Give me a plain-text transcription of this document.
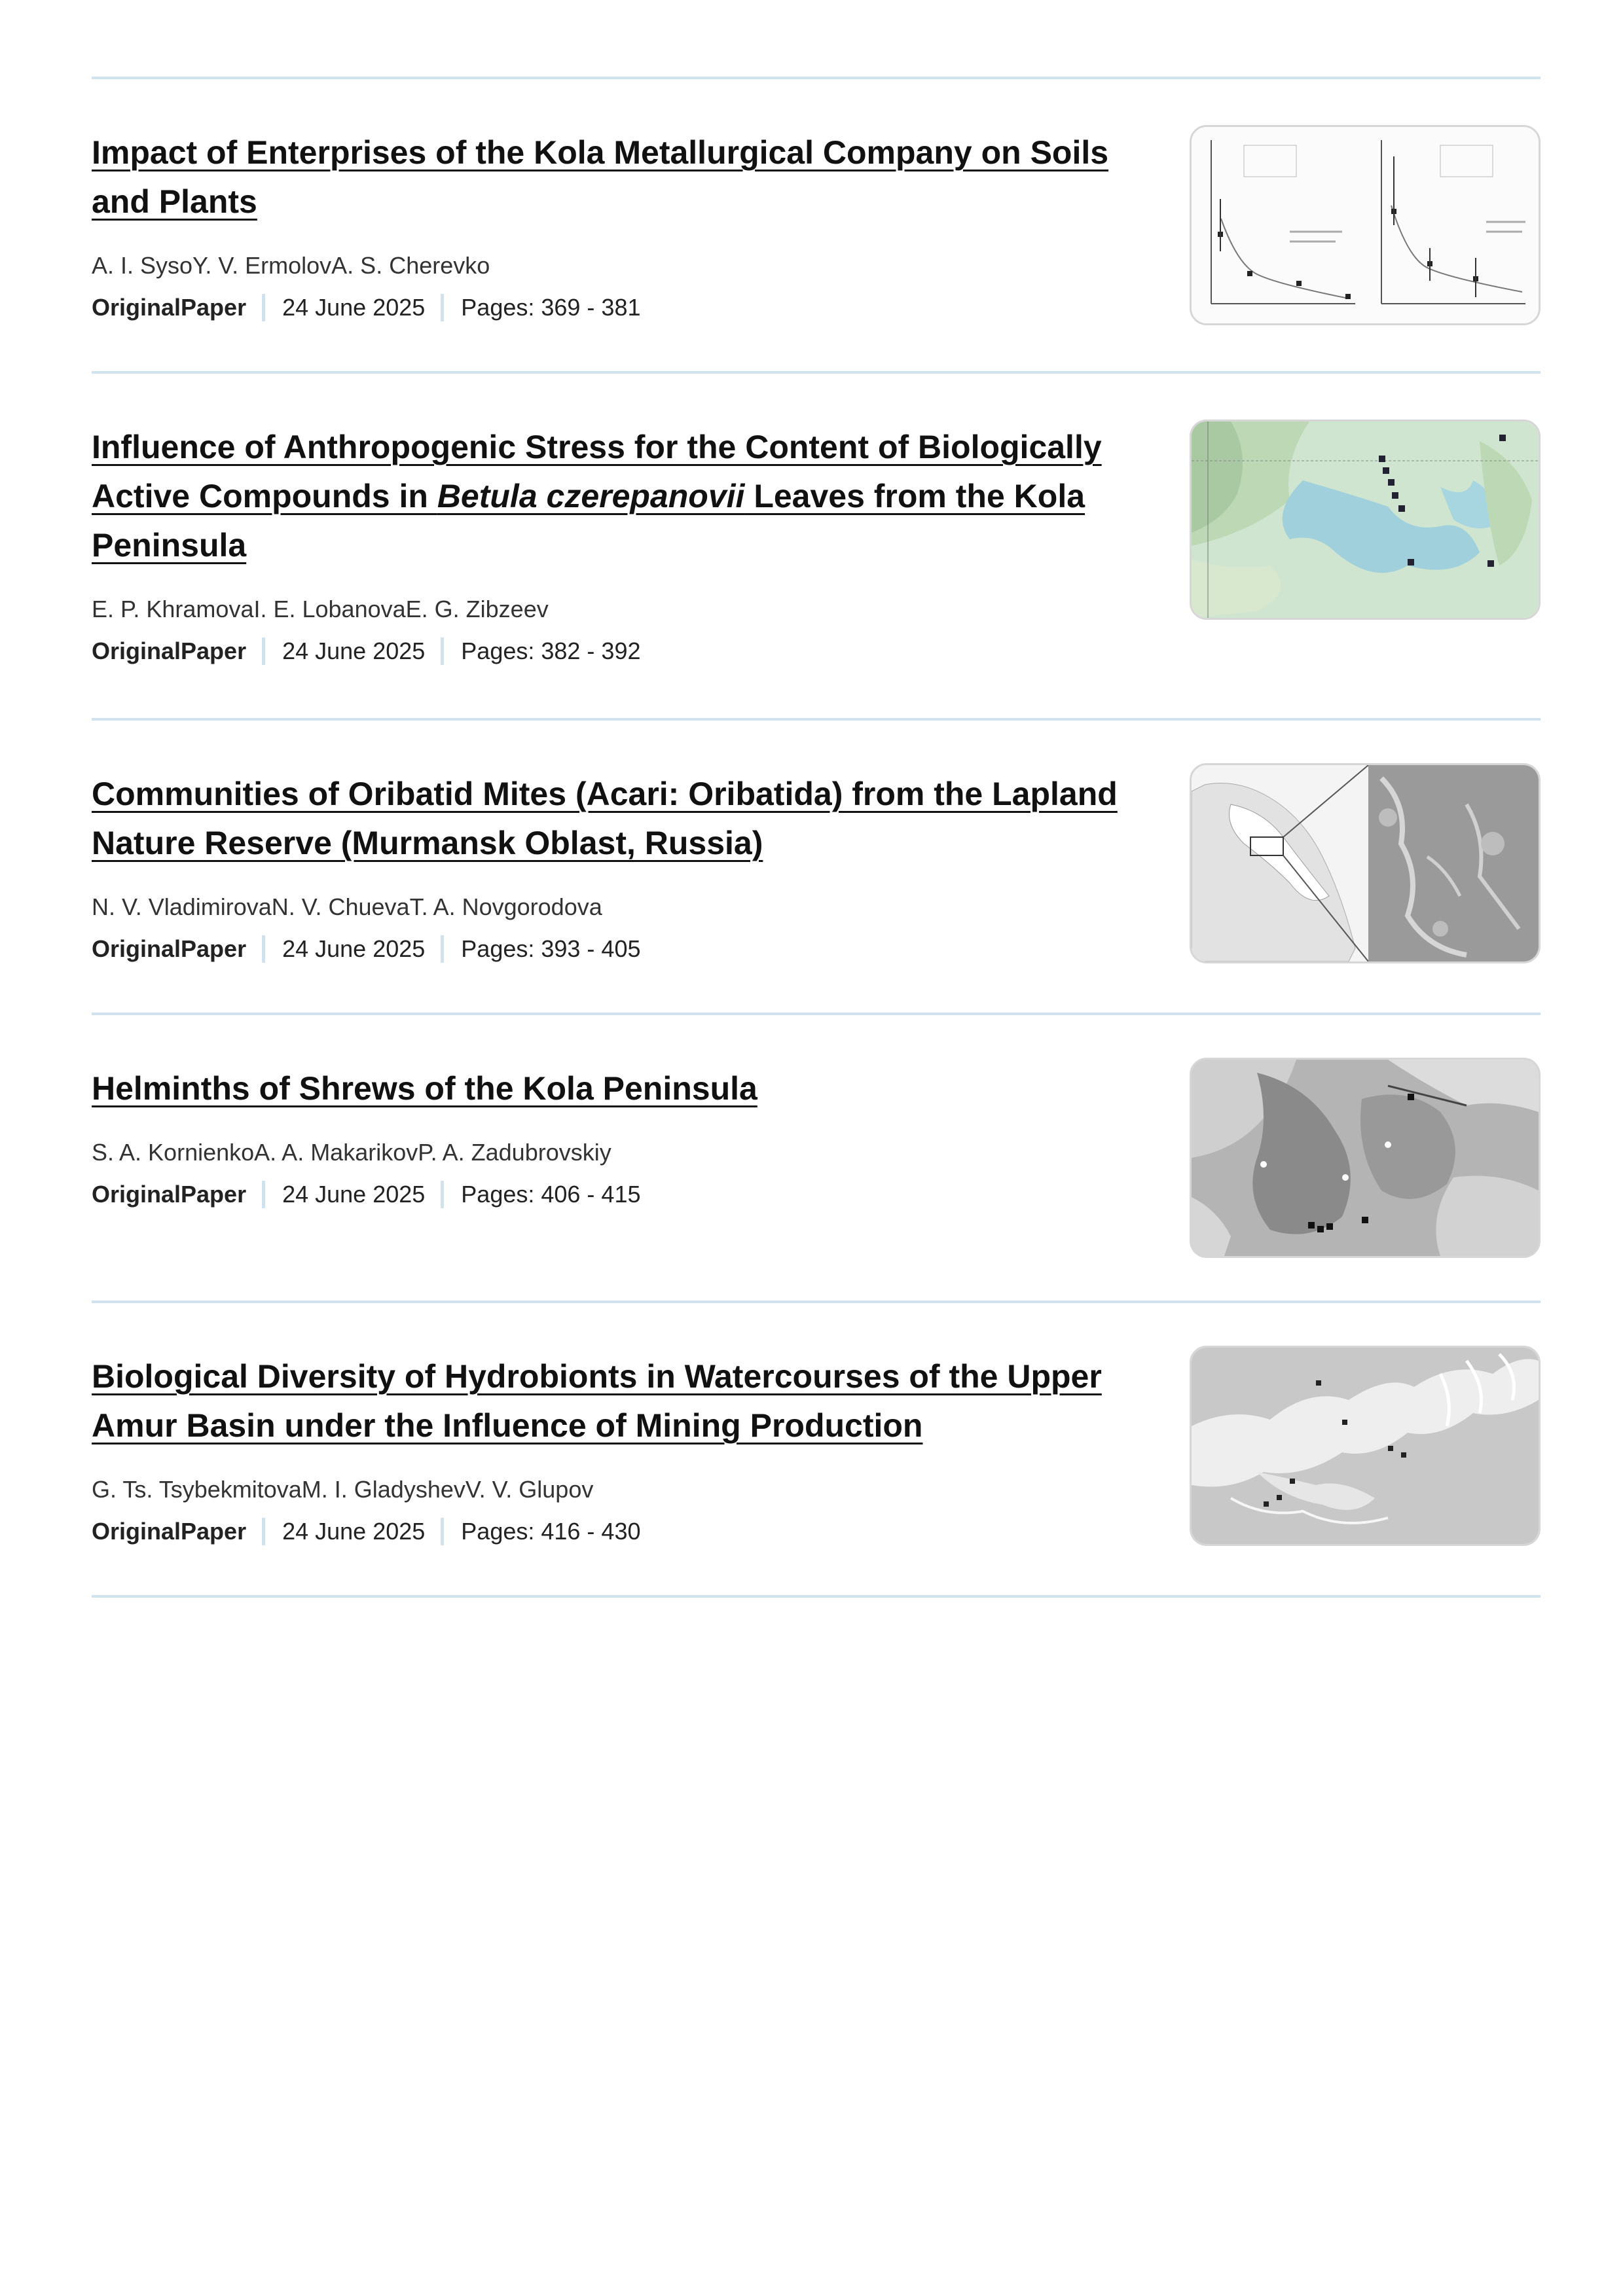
Impact of Enterprises of the Kola Metallurgical Company on Soils and Plants

A. I. SysoY. V. ErmolovA. S. Cherevko
OriginalPaper 24 June 2025 Pages: 369 - 381

Influence of Anthropogenic Stress for the Content of Biologically Active Compounds in Betula czerepanovii Leaves from the Kola Peninsula

E. P. KhramovaI. E. LobanovaE. G. Zibzeev
OriginalPaper 24 June 2025 Pages: 382 - 392

Communities of Oribatid Mites (Acari: Oribatida) from the Lapland Nature Reserve (Murmansk Oblast, Russia)

N. V. VladimirovaN. V. ChuevaT. A. Novgorodova
OriginalPaper 24 June 2025 Pages: 393 - 405

Helminths of Shrews of the Kola Peninsula

S. A. KornienkoA. A. MakarikovP. A. Zadubrovskiy
OriginalPaper 24 June 2025 Pages: 406 - 415

Biological Diversity of Hydrobionts in Watercourses of the Upper Amur Basin under the Influence of Mining Production

G. Ts. TsybekmitovaM. I. GladyshevV. V. Glupov
OriginalPaper 24 June 2025 Pages: 416 - 430
